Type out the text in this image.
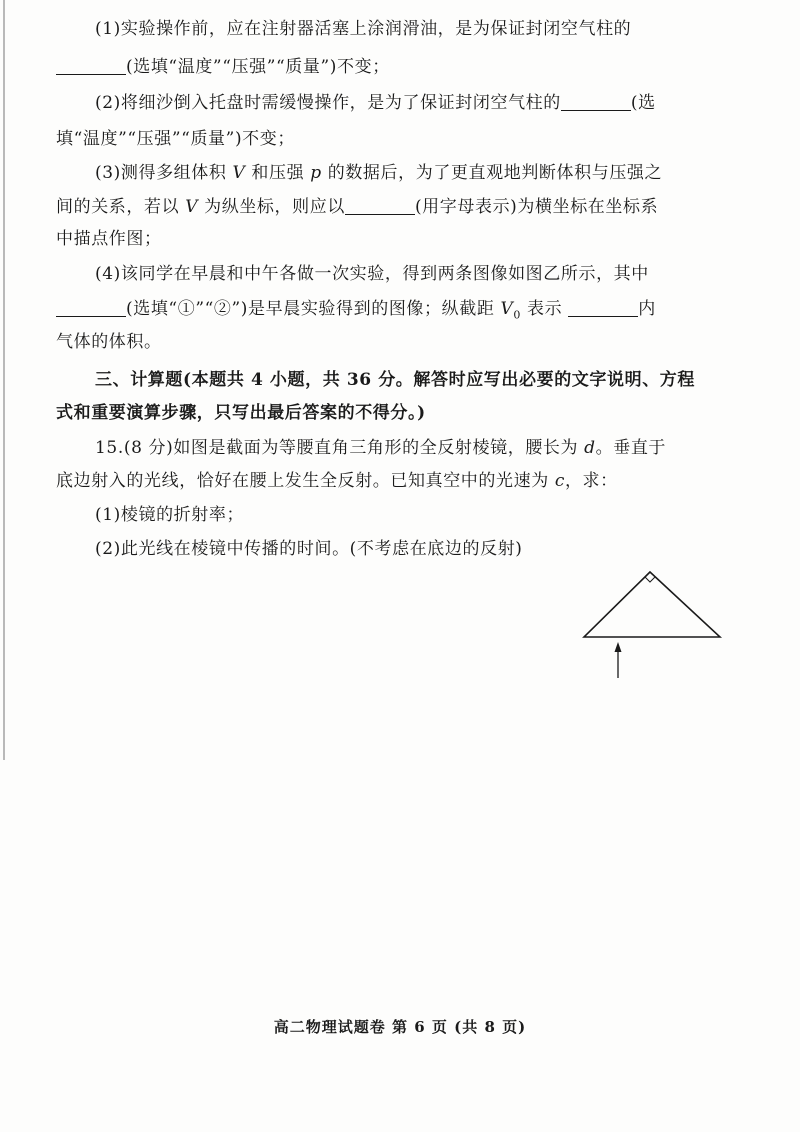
(1)实验操作前，应在注射器活塞上涂润滑油，是为保证封闭空气柱的
(选填“温度”“压强”“质量”)不变；
(2)将细沙倒入托盘时需缓慢操作，是为了保证封闭空气柱的	(选
填“温度”“压强”“质量”)不变；
(3)测得多组体积 V 和压强 p 的数据后，为了更直观地判断体积与压强之
间的关系，若以 V 为纵坐标，则应以	(用字母表示)为横坐标在坐标系
中描点作图；
(4)该同学在早晨和中午各做一次实验，得到两条图像如图乙所示，其中
(选填“①”“②”)是早晨实验得到的图像；纵截距 $V_0$ 表示	内
气体的体积。
三、计算题(本题共 4 小题，共 36 分。解答时应写出必要的文字说明、方程
式和重要演算步骤，只写出最后答案的不得分。)
15.(8 分)如图是截面为等腰直角三角形的全反射棱镜，腰长为 d。垂直于
底边射入的光线，恰好在腰上发生全反射。已知真空中的光速为 c，求：
(1)棱镜的折射率；
(2)此光线在棱镜中传播的时间。(不考虑在底边的反射)
高二物理试题卷 第 6 页 (共 8 页)
